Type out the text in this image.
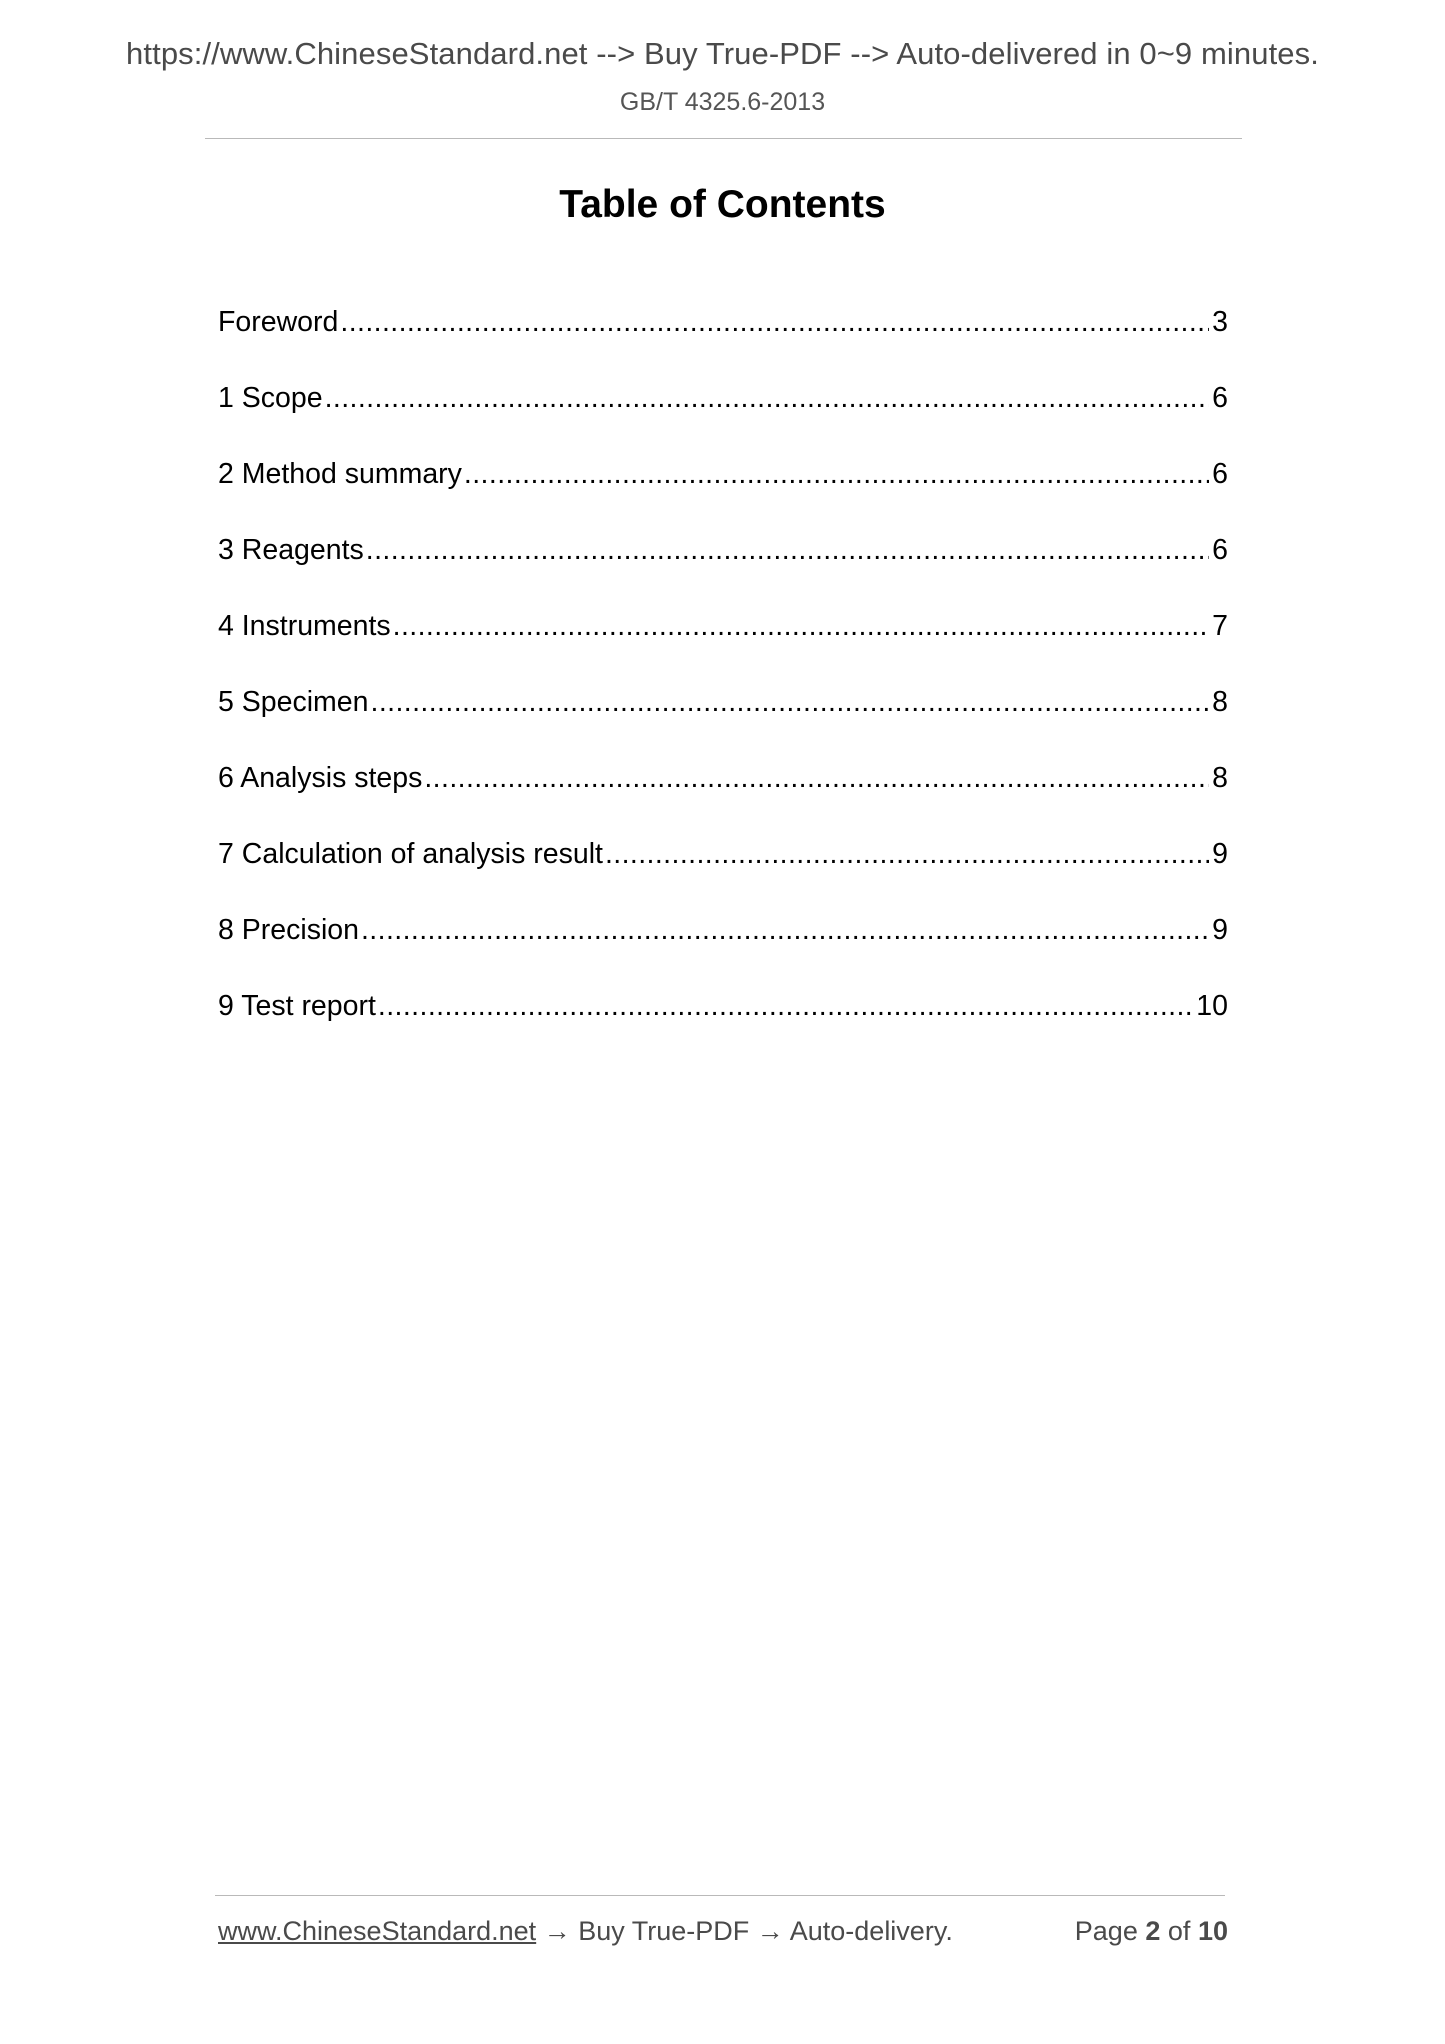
https://www.ChineseStandard.net --> Buy True-PDF --> Auto-delivered in 0~9 minutes.
GB/T 4325.6-2013
Table of Contents
Foreword .....	3
1 Scope .....	6
2 Method summary .....	6
3 Reagents .....	6
4 Instruments .....	7
5 Specimen .....	8
6 Analysis steps .....	8
7 Calculation of analysis result .....	9
8 Precision .....	9
9 Test report .....	10
www.ChineseStandard.net → Buy True-PDF → Auto-delivery.	Page 2 of 10
